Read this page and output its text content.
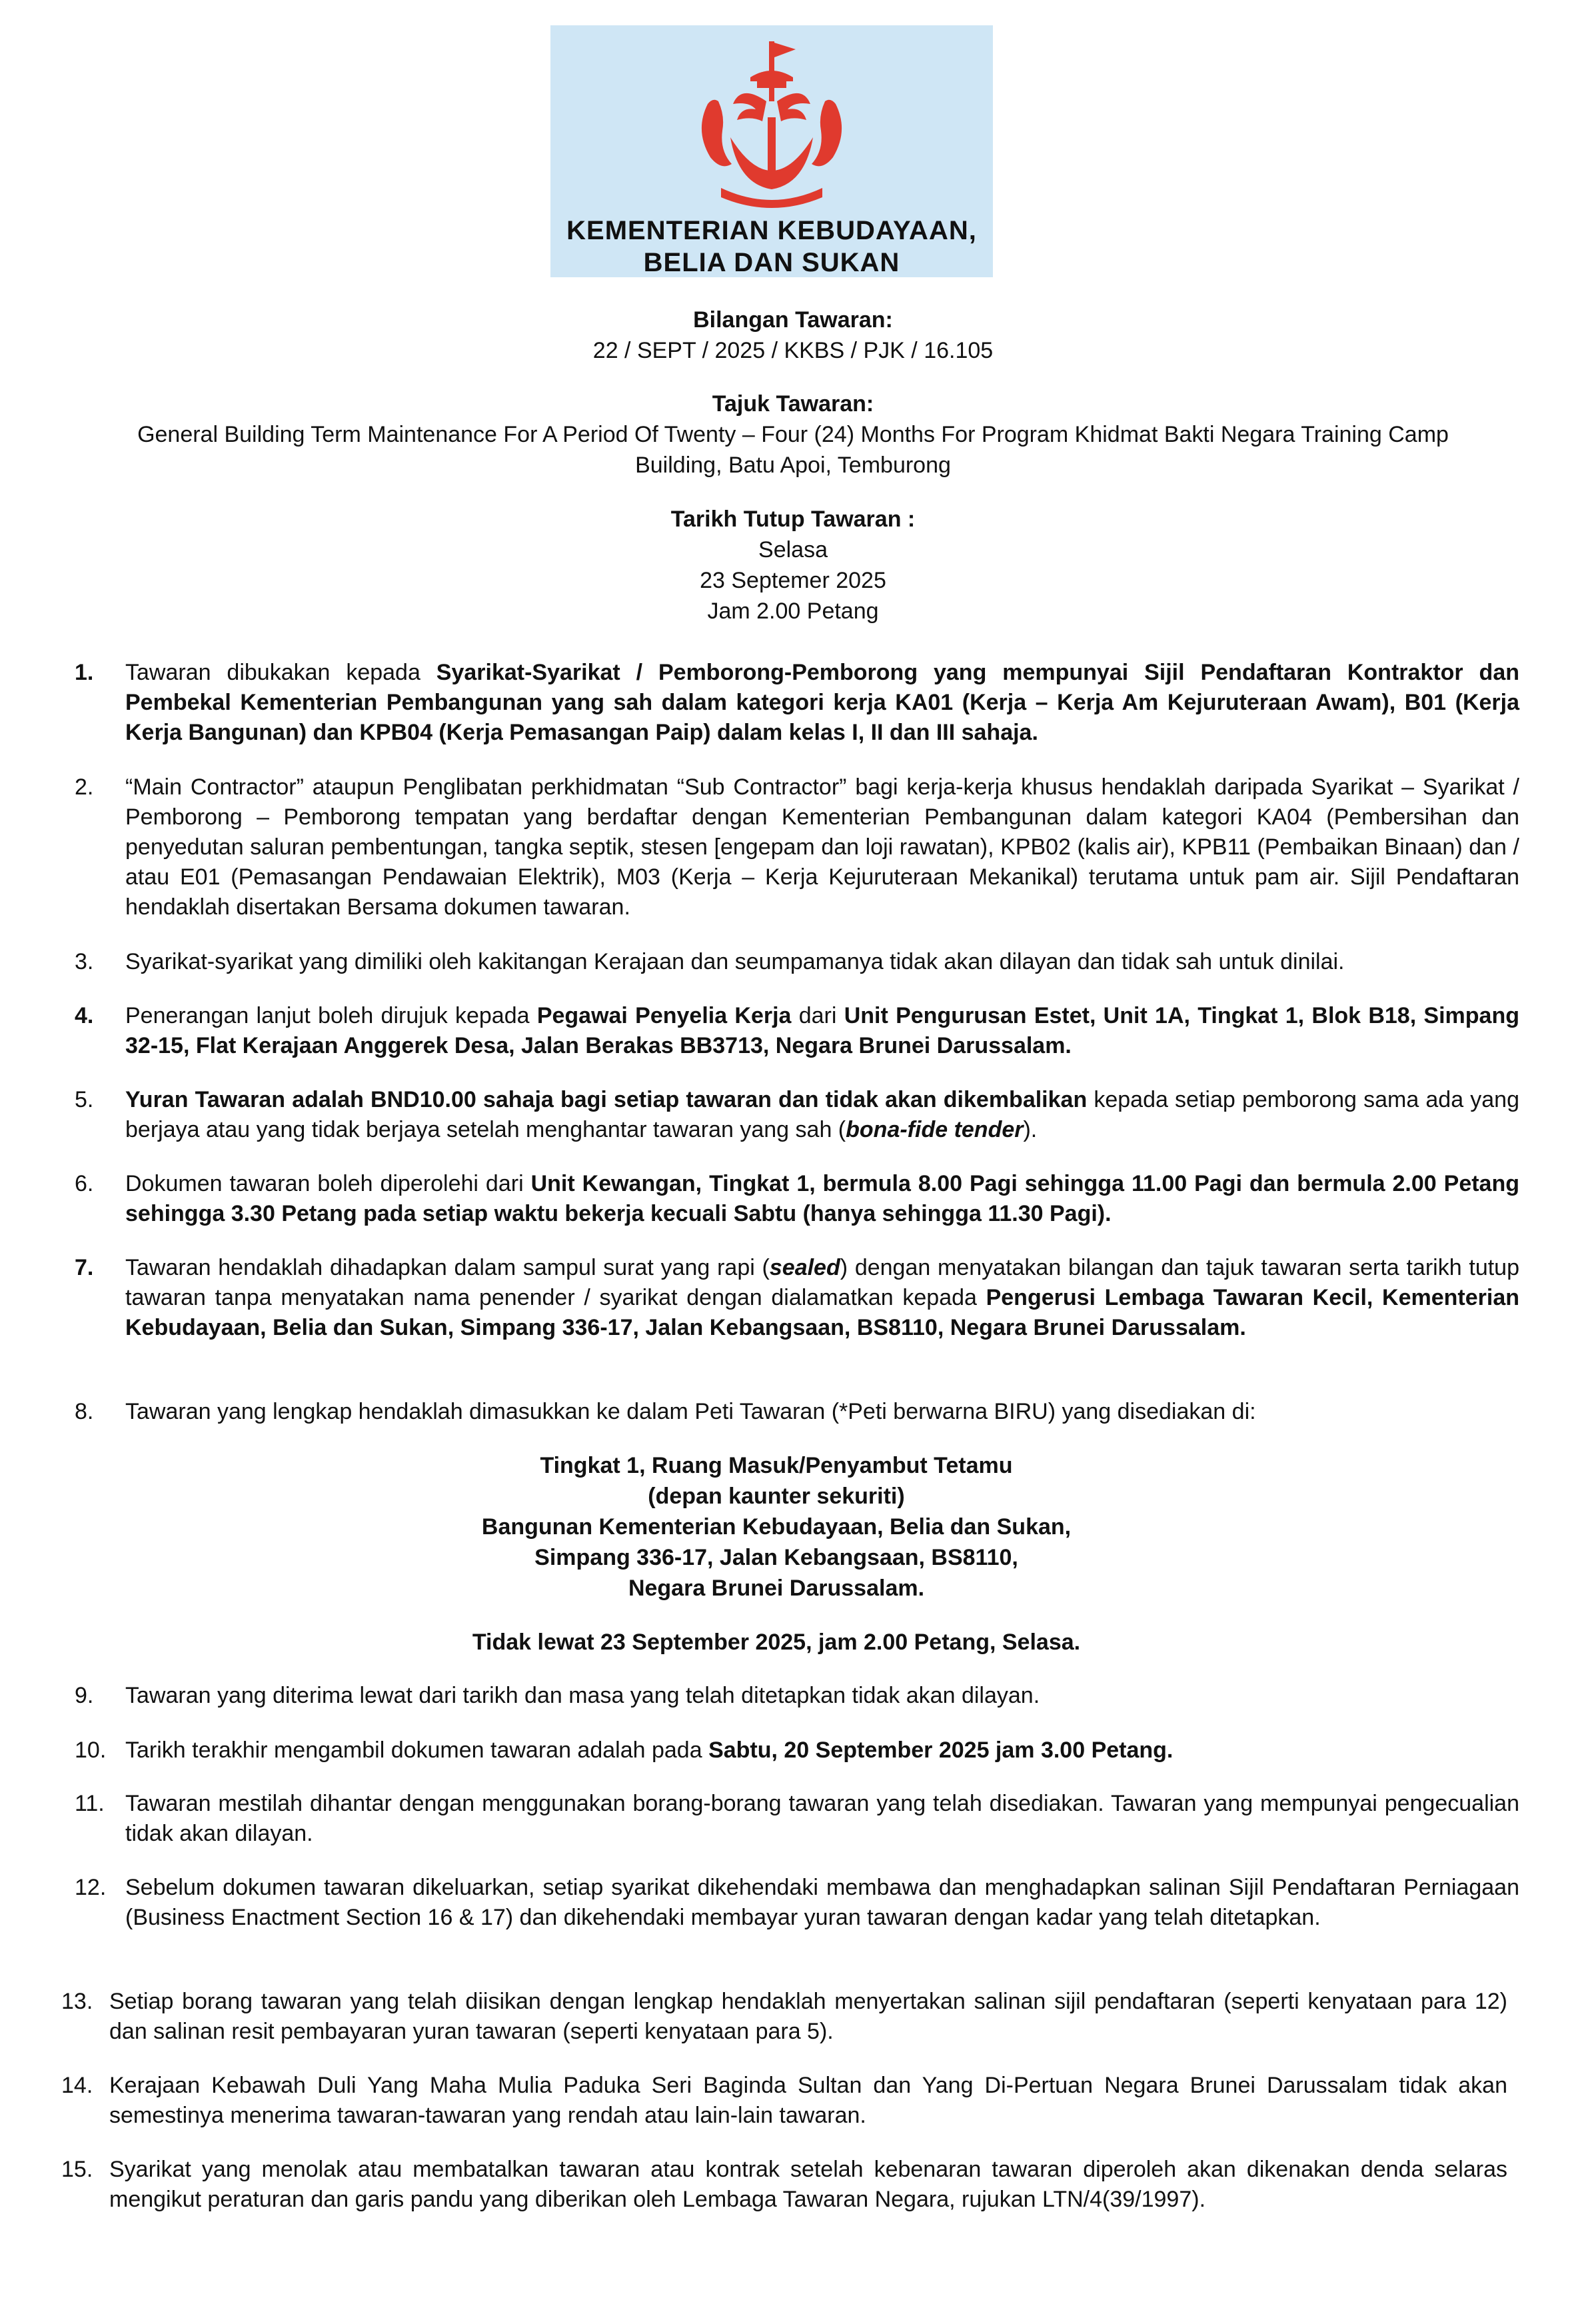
KEMENTERIAN KEBUDAYAAN,
BELIA DAN SUKAN
Bilangan Tawaran:
22 / SEPT / 2025 / KKBS / PJK / 16.105
Tajuk Tawaran:
General Building Term Maintenance For A Period Of Twenty – Four (24) Months For Program Khidmat Bakti Negara Training Camp
Building, Batu Apoi, Temburong
Tarikh Tutup Tawaran :
Selasa
23 Septemer 2025
Jam 2.00 Petang
1. Tawaran dibukakan kepada Syarikat-Syarikat / Pemborong-Pemborong yang mempunyai Sijil Pendaftaran Kontraktor dan Pembekal Kementerian Pembangunan yang sah dalam kategori kerja KA01 (Kerja – Kerja Am Kejuruteraan Awam), B01 (Kerja Kerja Bangunan) dan KPB04 (Kerja Pemasangan Paip) dalam kelas I, II dan III sahaja.
2. “Main Contractor” ataupun Penglibatan perkhidmatan “Sub Contractor” bagi kerja-kerja khusus hendaklah daripada Syarikat – Syarikat / Pemborong – Pemborong tempatan yang berdaftar dengan Kementerian Pembangunan dalam kategori KA04 (Pembersihan dan penyedutan saluran pembentungan, tangka septik, stesen [engepam dan loji rawatan), KPB02 (kalis air), KPB11 (Pembaikan Binaan) dan / atau E01 (Pemasangan Pendawaian Elektrik), M03 (Kerja – Kerja Kejuruteraan Mekanikal) terutama untuk pam air. Sijil Pendaftaran hendaklah disertakan Bersama dokumen tawaran.
3. Syarikat-syarikat yang dimiliki oleh kakitangan Kerajaan dan seumpamanya tidak akan dilayan dan tidak sah untuk dinilai.
4. Penerangan lanjut boleh dirujuk kepada Pegawai Penyelia Kerja dari Unit Pengurusan Estet, Unit 1A, Tingkat 1, Blok B18, Simpang 32-15, Flat Kerajaan Anggerek Desa, Jalan Berakas BB3713, Negara Brunei Darussalam.
5. Yuran Tawaran adalah BND10.00 sahaja bagi setiap tawaran dan tidak akan dikembalikan kepada setiap pemborong sama ada yang berjaya atau yang tidak berjaya setelah menghantar tawaran yang sah (bona-fide tender).
6. Dokumen tawaran boleh diperolehi dari Unit Kewangan, Tingkat 1, bermula 8.00 Pagi sehingga 11.00 Pagi dan bermula 2.00 Petang sehingga 3.30 Petang pada setiap waktu bekerja kecuali Sabtu (hanya sehingga 11.30 Pagi).
7. Tawaran hendaklah dihadapkan dalam sampul surat yang rapi (sealed) dengan menyatakan bilangan dan tajuk tawaran serta tarikh tutup tawaran tanpa menyatakan nama penender / syarikat dengan dialamatkan kepada Pengerusi Lembaga Tawaran Kecil, Kementerian Kebudayaan, Belia dan Sukan, Simpang 336-17, Jalan Kebangsaan, BS8110, Negara Brunei Darussalam.
8. Tawaran yang lengkap hendaklah dimasukkan ke dalam Peti Tawaran (*Peti berwarna BIRU) yang disediakan di:
Tingkat 1, Ruang Masuk/Penyambut Tetamu
(depan kaunter sekuriti)
Bangunan Kementerian Kebudayaan, Belia dan Sukan,
Simpang 336-17, Jalan Kebangsaan, BS8110,
Negara Brunei Darussalam.
Tidak lewat 23 September 2025, jam 2.00 Petang, Selasa.
9. Tawaran yang diterima lewat dari tarikh dan masa yang telah ditetapkan tidak akan dilayan.
10. Tarikh terakhir mengambil dokumen tawaran adalah pada Sabtu, 20 September 2025 jam 3.00 Petang.
11. Tawaran mestilah dihantar dengan menggunakan borang-borang tawaran yang telah disediakan. Tawaran yang mempunyai pengecualian tidak akan dilayan.
12. Sebelum dokumen tawaran dikeluarkan, setiap syarikat dikehendaki membawa dan menghadapkan salinan Sijil Pendaftaran Perniagaan (Business Enactment Section 16 & 17) dan dikehendaki membayar yuran tawaran dengan kadar yang telah ditetapkan.
13. Setiap borang tawaran yang telah diisikan dengan lengkap hendaklah menyertakan salinan sijil pendaftaran (seperti kenyataan para 12) dan salinan resit pembayaran yuran tawaran (seperti kenyataan para 5).
14. Kerajaan Kebawah Duli Yang Maha Mulia Paduka Seri Baginda Sultan dan Yang Di-Pertuan Negara Brunei Darussalam tidak akan semestinya menerima tawaran-tawaran yang rendah atau lain-lain tawaran.
15. Syarikat yang menolak atau membatalkan tawaran atau kontrak setelah kebenaran tawaran diperoleh akan dikenakan denda selaras mengikut peraturan dan garis pandu yang diberikan oleh Lembaga Tawaran Negara, rujukan LTN/4(39/1997).
